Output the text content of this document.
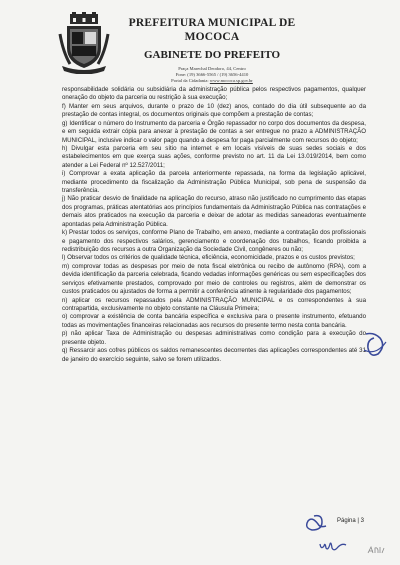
PREFEITURA MUNICIPAL DE MOCOCA
GABINETE DO PREFEITO
Praça Marechal Deodoro, 44, Centro
Fone: (19) 3666-5565 / (19) 3656-4410
Portal da Cidadania: www.mococa.sp.gov.br

responsabilidade solidária ou subsidiária da administração pública pelos respectivos pagamentos, qualquer oneração do objeto da parceria ou restrição à sua execução;

f) Manter em seus arquivos, durante o prazo de 10 (dez) anos, contado do dia útil subsequente ao da prestação de contas integral, os documentos originais que compõem a prestação de contas;

g) Identificar o número do Instrumento da parceria e Órgão repassador no corpo dos documentos da despesa, e em seguida extrair cópia para anexar à prestação de contas a ser entregue no prazo a ADMINISTRAÇÃO MUNICIPAL, inclusive indicar o valor pago quando a despesa for paga parcialmente com recursos do objeto;

h) Divulgar esta parceria em seu sítio na internet e em locais visíveis de suas sedes sociais e dos estabelecimentos em que exerça suas ações, conforme previsto no art. 11 da Lei 13.019/2014, bem como atender a Lei Federal nº 12.527/2011;

i) Comprovar a exata aplicação da parcela anteriormente repassada, na forma da legislação aplicável, mediante procedimento da fiscalização da Administração Pública Municipal, sob pena de suspensão da transferência.

j) Não praticar desvio de finalidade na aplicação do recurso, atraso não justificado no cumprimento das etapas dos programas, práticas atentatórias aos princípios fundamentais da Administração Pública nas contratações e demais atos praticados na execução da parceria e deixar de adotar as medidas saneadoras eventualmente apontadas pela Administração Pública.

k) Prestar todos os serviços, conforme Plano de Trabalho, em anexo, mediante a contratação dos profissionais e pagamento dos respectivos salários, gerenciamento e coordenação dos trabalhos, ficando proibida a redistribuição dos recursos a outra Organização da Sociedade Civil, congêneres ou não;

l) Observar todos os critérios de qualidade técnica, eficiência, economicidade, prazos e os custos previstos;

m) comprovar todas as despesas por meio de nota fiscal eletrônica ou recibo de autônomo (RPA), com a devida identificação da parceria celebrada, ficando vedadas informações genéricas ou sem especificações dos serviços efetivamente prestados, comprovado por meio de controles ou registros, além de demonstrar os custos praticados ou ajustados de forma a permitir a conferência atinente à regularidade dos pagamentos;

n) aplicar os recursos repassados pela ADMINISTRAÇÃO MUNICIPAL e os correspondentes à sua contrapartida, exclusivamente no objeto constante na Cláusula Primeira;

o) comprovar a existência de conta bancária específica e exclusiva para o presente instrumento, efetuando todas as movimentações financeiras relacionadas aos recursos do presente termo nesta conta bancária.

p) não aplicar Taxa de Administração ou despesas administrativas como condição para a execução do presente objeto.

q) Ressarcir aos cofres públicos os saldos remanescentes decorrentes das aplicações correspondentes até 31 de janeiro do exercício seguinte, salvo se forem utilizados.

Página | 3
